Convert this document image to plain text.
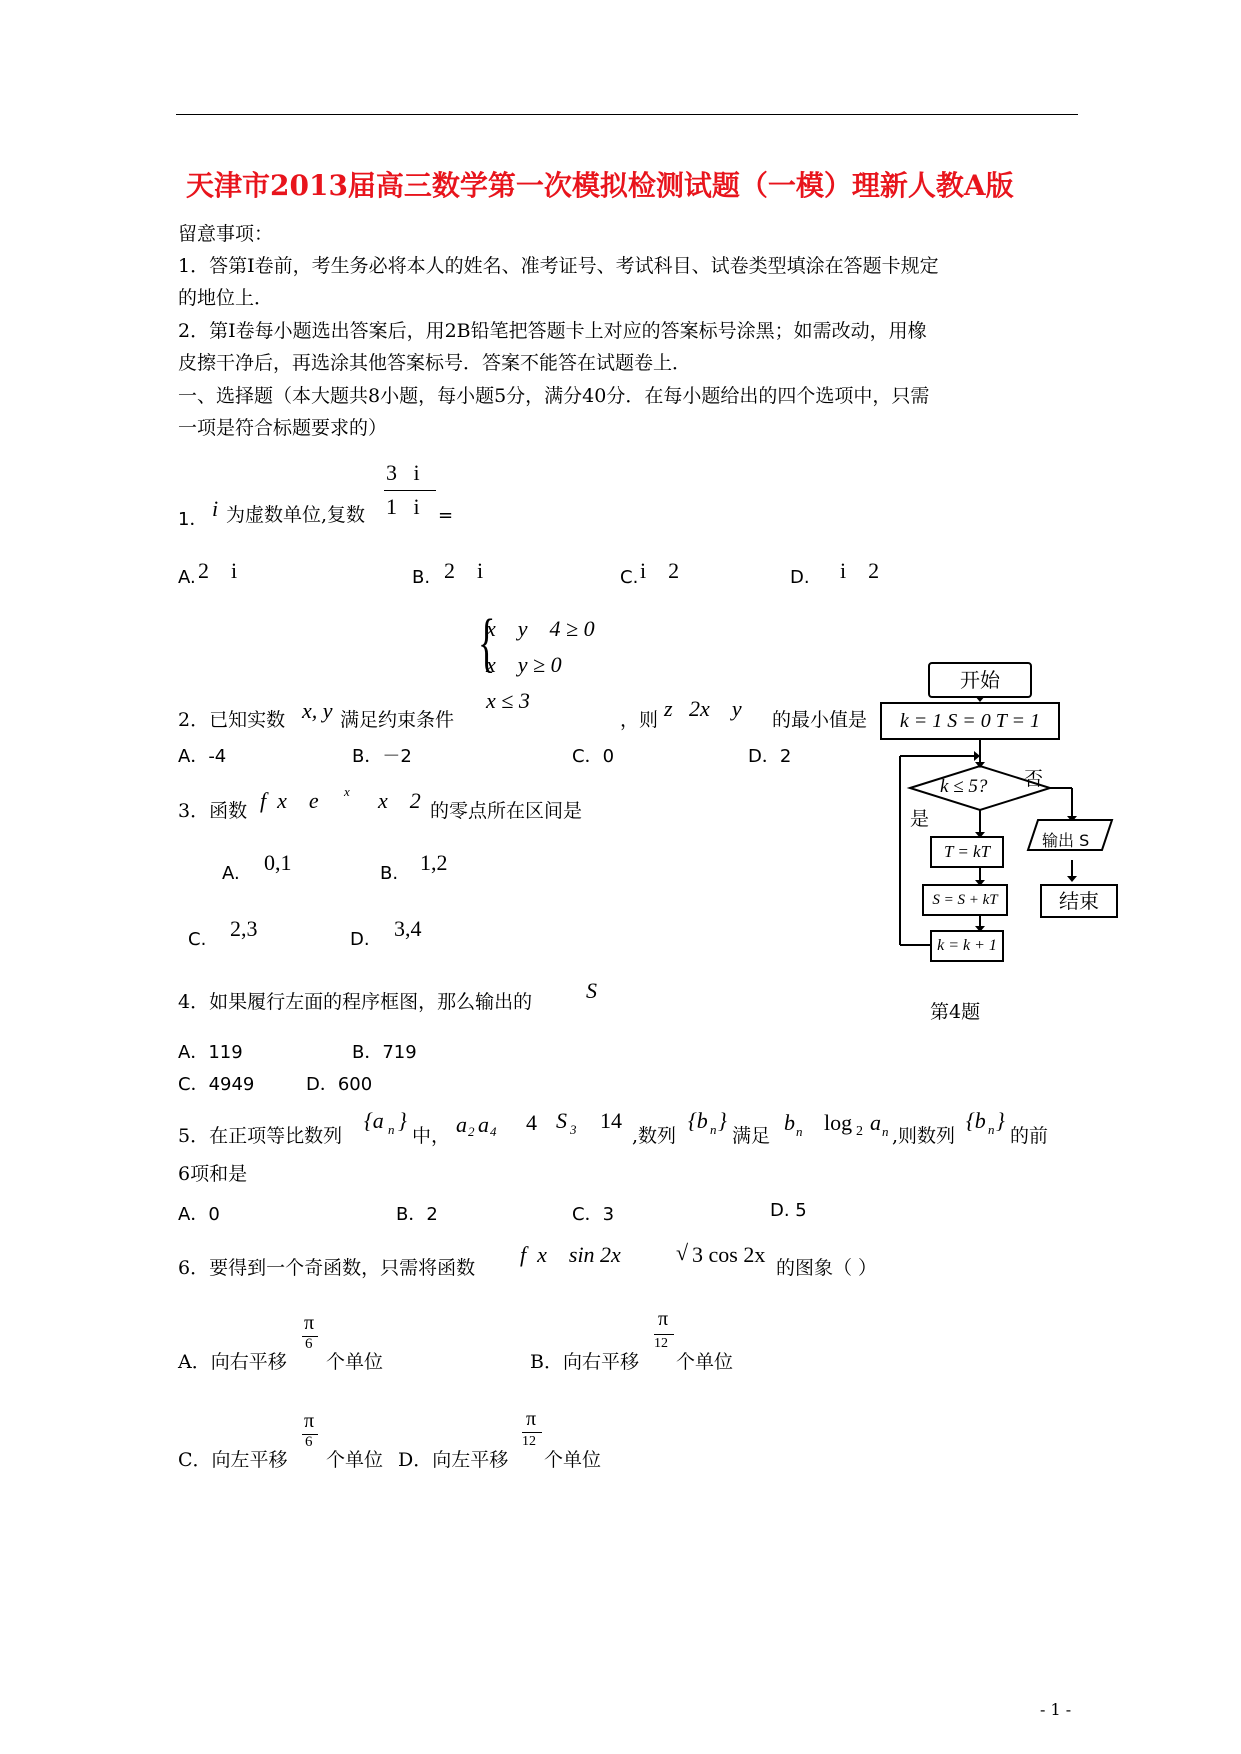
天津市2013届高三数学第一次模拟检测试题（一模）理新人教A版
留意事项：
1．答第Ⅰ卷前，考生务必将本人的姓名、准考证号、考试科目、试卷类型填涂在答题卡规定
的地位上．
2．第Ⅰ卷每小题选出答案后，用2B铅笔把答题卡上对应的答案标号涂黑；如需改动，用橡
皮擦干净后，再选涂其他答案标号．答案不能答在试题卷上．
一、选择题（本大题共8小题，每小题5分，满分40分．在每小题给出的四个选项中，只需
一项是符合标题要求的）
1． i 为虚数单位,复数
3   i
1   i =
A. 2    i	B. 2    i	C. i    2	D. i    2
2．已知实数 x, y 满足约束条件
{
x    y    4 ≥ 0
x    y ≥ 0
x ≤ 3
，则 z   2x    y 的最小值是
A．-4	B．－2	C．0	D．2
3．函数 f  x    e x x    2 的零点所在区间是
A. 0,1	B. 1,2
C. 2,3	D. 3,4
4．如果履行左面的程序框图，那么输出的 S
A．119	B．719
C．4949	D．600
开始
k = 1 S = 0 T = 1
k ≤ 5? 否
是
输出 S
T = kT
S = S + kT	结束
k = k + 1
第4题
5．在正项等比数列
{a n }
中， a 2 a 4 4 S 3 14
,数列
{b n }
满足
b n log 2 a n ,则数列
{b n }
的前
6项和是
A．0	B．2	C．3	D. 5
6．要得到一个奇函数，只需将函数
f  x    sin 2x	√ 3 cos 2x
的图象（ ）
A．向右平移
π
6
个单位	B．向右平移
π
12
个单位
C．向左平移
π
6
个单位 D．向左平移
π
12
个单位
- 1 -
